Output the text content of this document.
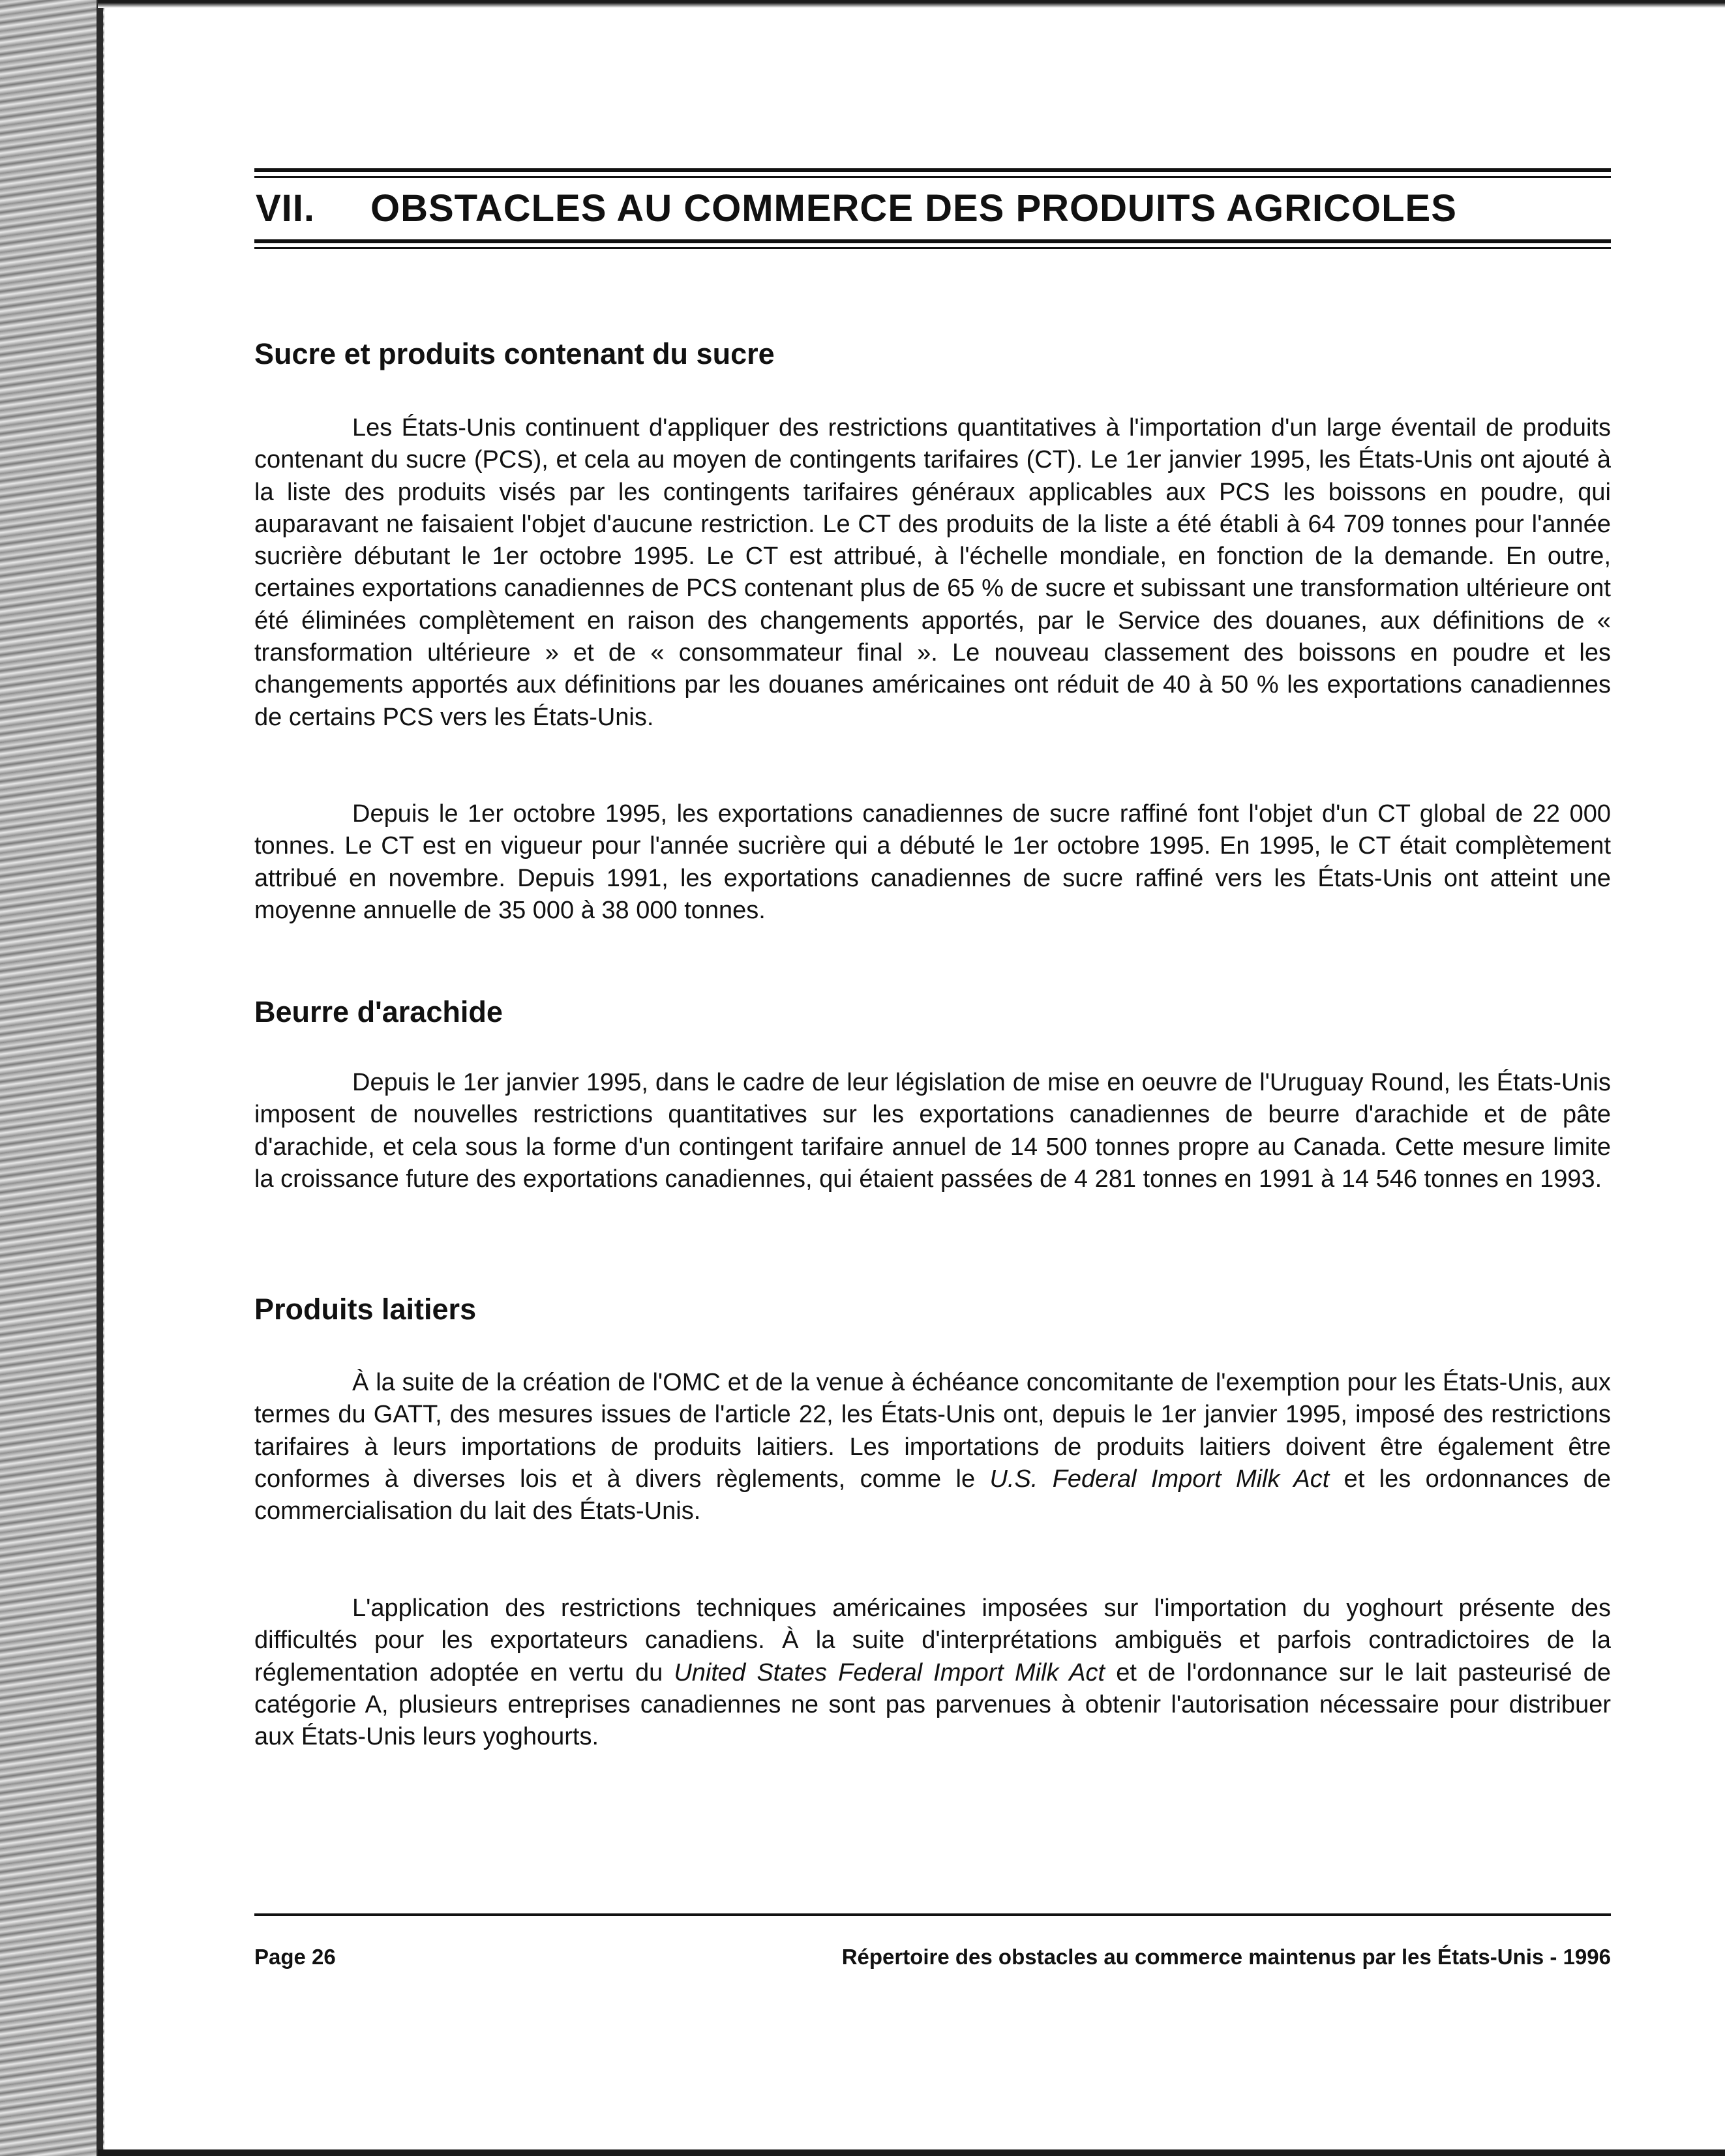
VII. OBSTACLES AU COMMERCE DES PRODUITS AGRICOLES
Sucre et produits contenant du sucre

Les États-Unis continuent d'appliquer des restrictions quantitatives à l'importation d'un large éventail de produits contenant du sucre (PCS), et cela au moyen de contingents tarifaires (CT). Le 1er janvier 1995, les États-Unis ont ajouté à la liste des produits visés par les contingents tarifaires généraux applicables aux PCS les boissons en poudre, qui auparavant ne faisaient l'objet d'aucune restriction. Le CT des produits de la liste a été établi à 64 709 tonnes pour l'année sucrière débutant le 1er octobre 1995. Le CT est attribué, à l'échelle mondiale, en fonction de la demande. En outre, certaines exportations canadiennes de PCS contenant plus de 65 % de sucre et subissant une transformation ultérieure ont été éliminées complètement en raison des changements apportés, par le Service des douanes, aux définitions de « transformation ultérieure » et de « consommateur final ». Le nouveau classement des boissons en poudre et les changements apportés aux définitions par les douanes américaines ont réduit de 40 à 50 % les exportations canadiennes de certains PCS vers les États-Unis.

Depuis le 1er octobre 1995, les exportations canadiennes de sucre raffiné font l'objet d'un CT global de 22 000 tonnes. Le CT est en vigueur pour l'année sucrière qui a débuté le 1er octobre 1995. En 1995, le CT était complètement attribué en novembre. Depuis 1991, les exportations canadiennes de sucre raffiné vers les États-Unis ont atteint une moyenne annuelle de 35 000 à 38 000 tonnes.

Beurre d'arachide

Depuis le 1er janvier 1995, dans le cadre de leur législation de mise en oeuvre de l'Uruguay Round, les États-Unis imposent de nouvelles restrictions quantitatives sur les exportations canadiennes de beurre d'arachide et de pâte d'arachide, et cela sous la forme d'un contingent tarifaire annuel de 14 500 tonnes propre au Canada. Cette mesure limite la croissance future des exportations canadiennes, qui étaient passées de 4 281 tonnes en 1991 à 14 546 tonnes en 1993.

Produits laitiers

À la suite de la création de l'OMC et de la venue à échéance concomitante de l'exemption pour les États-Unis, aux termes du GATT, des mesures issues de l'article 22, les États-Unis ont, depuis le 1er janvier 1995, imposé des restrictions tarifaires à leurs importations de produits laitiers. Les importations de produits laitiers doivent être également être conformes à diverses lois et à divers règlements, comme le U.S. Federal Import Milk Act et les ordonnances de commercialisation du lait des États-Unis.

L'application des restrictions techniques américaines imposées sur l'importation du yoghourt présente des difficultés pour les exportateurs canadiens. À la suite d'interprétations ambiguës et parfois contradictoires de la réglementation adoptée en vertu du United States Federal Import Milk Act et de l'ordonnance sur le lait pasteurisé de catégorie A, plusieurs entreprises canadiennes ne sont pas parvenues à obtenir l'autorisation nécessaire pour distribuer aux États-Unis leurs yoghourts.

Page 26	Répertoire des obstacles au commerce maintenus par les États-Unis - 1996
